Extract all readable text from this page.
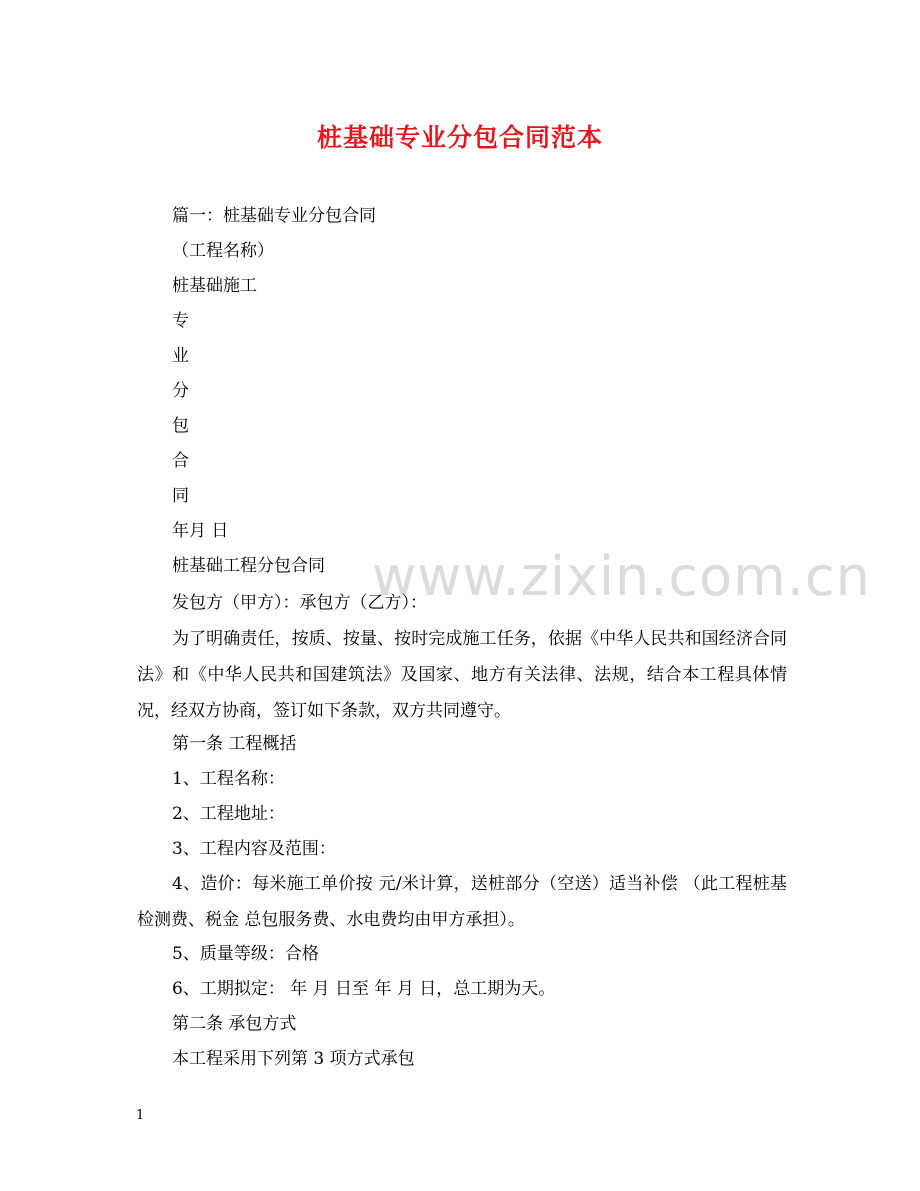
桩基础专业分包合同范本
www.zixin.com.cn
篇一：桩基础专业分包合同
（工程名称）
桩基础施工
专
业
分
包
合
同
年月 日
桩基础工程分包合同
发包方（甲方）：承包方（乙方）：
为了明确责任，按质、按量、按时完成施工任务，依据《中华人民共和国经济合同法》和《中华人民共和国建筑法》及国家、地方有关法律、法规，结合本工程具体情况，经双方协商，签订如下条款，双方共同遵守。
第一条 工程概括
1、工程名称：
2、工程地址：
3、工程内容及范围：
4、造价：每米施工单价按 元/米计算，送桩部分（空送）适当补偿 （此工程桩基检测费、税金 总包服务费、水电费均由甲方承担）。
5、质量等级：合格
6、工期拟定： 年 月 日至 年 月 日，总工期为天。
第二条 承包方式
本工程采用下列第 3 项方式承包
1
